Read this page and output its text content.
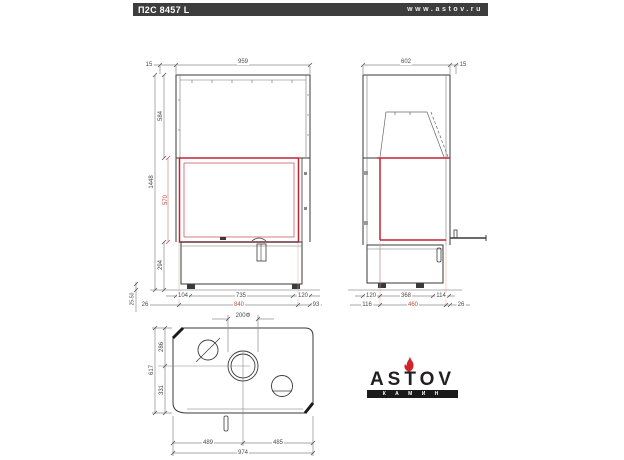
П2С 8457 L	www.astov.ru
15	959
1448
584
570
294
25-50	104	735	120
26	840	93
602	15
120	368	114
116	460	26
200Φ
617
286
331
489	485
974
ASTOV
К А М И Н
